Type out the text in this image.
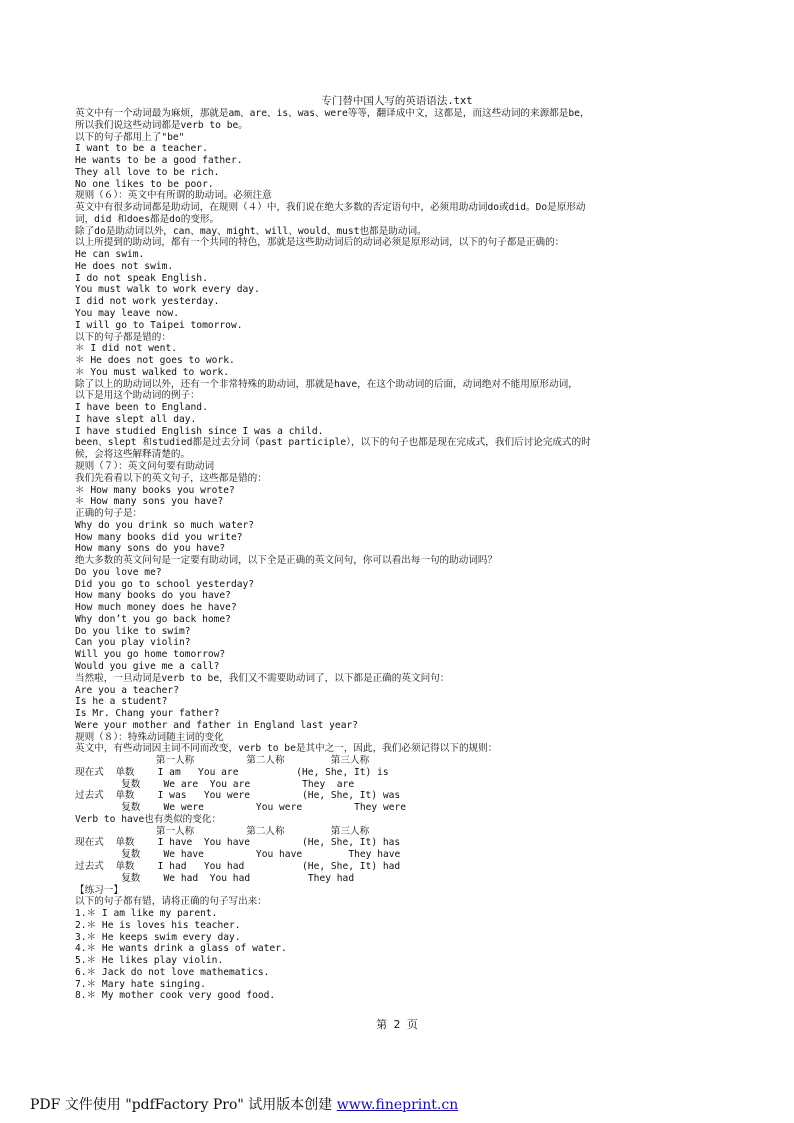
专门替中国人写的英语语法.txt
英文中有一个动词最为麻烦，那就是am、are、is、was、were等等，翻译成中文，这都是，而这些动词的来源都是be，
所以我们说这些动词都是verb to be。
以下的句子都用上了"be"
I want to be a teacher.
He wants to be a good father.
They all love to be rich.
No one likes to be poor.
规则（６）：英文中有所谓的助动词。必须注意
英文中有很多动词都是助动词，在规则（４）中，我们说在绝大多数的否定语句中，必须用助动词do或did。Do是原形动
词，did 和does都是do的变形。
除了do是助动词以外，can、may、might、will、would、must也都是助动词。
以上所提到的助动词，都有一个共同的特色，那就是这些助动词后的动词必须是原形动词，以下的句子都是正确的：
He can swim.
He does not swim.
I do not speak English.
You must walk to work every day.
I did not work yesterday.
You may leave now.
I will go to Taipei tomorrow.
以下的句子都是错的：
＊ I did not went.
＊ He does not goes to work.
＊ You must walked to work.
除了以上的助动词以外，还有一个非常特殊的助动词，那就是have，在这个助动词的后面，动词绝对不能用原形动词，
以下是用这个助动词的例子：
I have been to England.
I have slept all day.
I have studied English since I was a child.
been、slept 和studied都是过去分词（past participle），以下的句子也都是现在完成式，我们后讨论完成式的时
候，会将这些解释清楚的。
规则（７）：英文问句要有助动词
我们先看看以下的英文句子，这些都是错的：
＊ How many books you wrote?
＊ How many sons you have?
正确的句子是：
Why do you drink so much water?
How many books did you write?
How many sons do you have?
绝大多数的英文问句是一定要有助动词，以下全是正确的英文问句，你可以看出每一句的助动词吗？
Do you love me?
Did you go to school yesterday?
How many books do you have?
How much money does he have?
Why don’t you go back home?
Do you like to swim?
Can you play violin?
Will you go home tomorrow?
Would you give me a call?
当然啦，一旦动词是verb to be，我们又不需要助动词了，以下都是正确的英文问句：
Are you a teacher?
Is he a student?
Is Mr. Chang your father?
Were your mother and father in England last year?
规则（８）：特殊动词随主词的变化
英文中，有些动词因主词不同而改变，verb to be是其中之一，因此，我们必须记得以下的规则：
第一人称         第二人称        第三人称
现在式  单数    I am   You are          (He, She, It) is
复数    We are  You are         They  are
过去式  单数    I was   You were         (He, She, It) was
复数    We were         You were         They were
Verb to have也有类似的变化：
第一人称         第二人称        第三人称
现在式  单数    I have  You have         (He, She, It) has
复数    We have         You have        They have
过去式  单数    I had   You had          (He, She, It) had
复数    We had  You had          They had
【练习一】
以下的句子都有错，请将正确的句子写出来：
1.＊ I am like my parent.
2.＊ He is loves his teacher.
3.＊ He keeps swim every day.
4.＊ He wants drink a glass of water.
5.＊ He likes play violin.
6.＊ Jack do not love mathematics.
7.＊ Mary hate singing.
8.＊ My mother cook very good food.
第 2 页
PDF 文件使用 "pdfFactory Pro" 试用版本创建 www.fineprint.cn
